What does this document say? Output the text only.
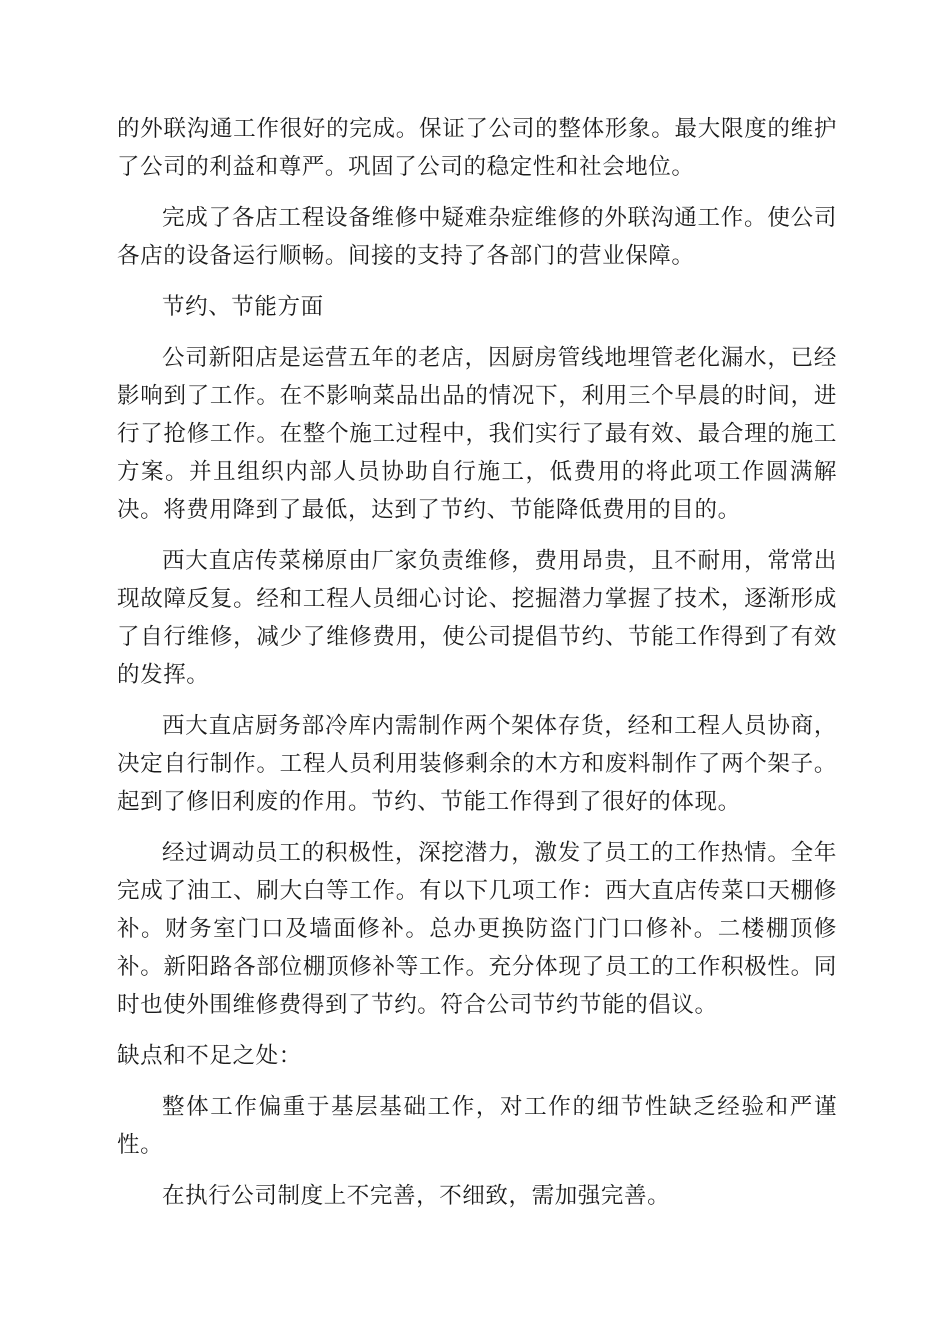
的外联沟通工作很好的完成。保证了公司的整体形象。最大限度的维护了公司的利益和尊严。巩固了公司的稳定性和社会地位。

完成了各店工程设备维修中疑难杂症维修的外联沟通工作。使公司各店的设备运行顺畅。间接的支持了各部门的营业保障。

节约、节能方面

公司新阳店是运营五年的老店，因厨房管线地埋管老化漏水，已经影响到了工作。在不影响菜品出品的情况下，利用三个早晨的时间，进行了抢修工作。在整个施工过程中，我们实行了最有效、最合理的施工方案。并且组织内部人员协助自行施工，低费用的将此项工作圆满解决。将费用降到了最低，达到了节约、节能降低费用的目的。

西大直店传菜梯原由厂家负责维修，费用昂贵，且不耐用，常常出现故障反复。经和工程人员细心讨论、挖掘潜力掌握了技术，逐渐形成了自行维修，减少了维修费用，使公司提倡节约、节能工作得到了有效的发挥。

西大直店厨务部冷库内需制作两个架体存货，经和工程人员协商，决定自行制作。工程人员利用装修剩余的木方和废料制作了两个架子。起到了修旧利废的作用。节约、节能工作得到了很好的体现。

经过调动员工的积极性，深挖潜力，激发了员工的工作热情。全年完成了油工、刷大白等工作。有以下几项工作：西大直店传菜口天棚修补。财务室门口及墙面修补。总办更换防盗门门口修补。二楼棚顶修补。新阳路各部位棚顶修补等工作。充分体现了员工的工作积极性。同时也使外围维修费得到了节约。符合公司节约节能的倡议。

缺点和不足之处：

整体工作偏重于基层基础工作，对工作的细节性缺乏经验和严谨性。

在执行公司制度上不完善，不细致，需加强完善。
